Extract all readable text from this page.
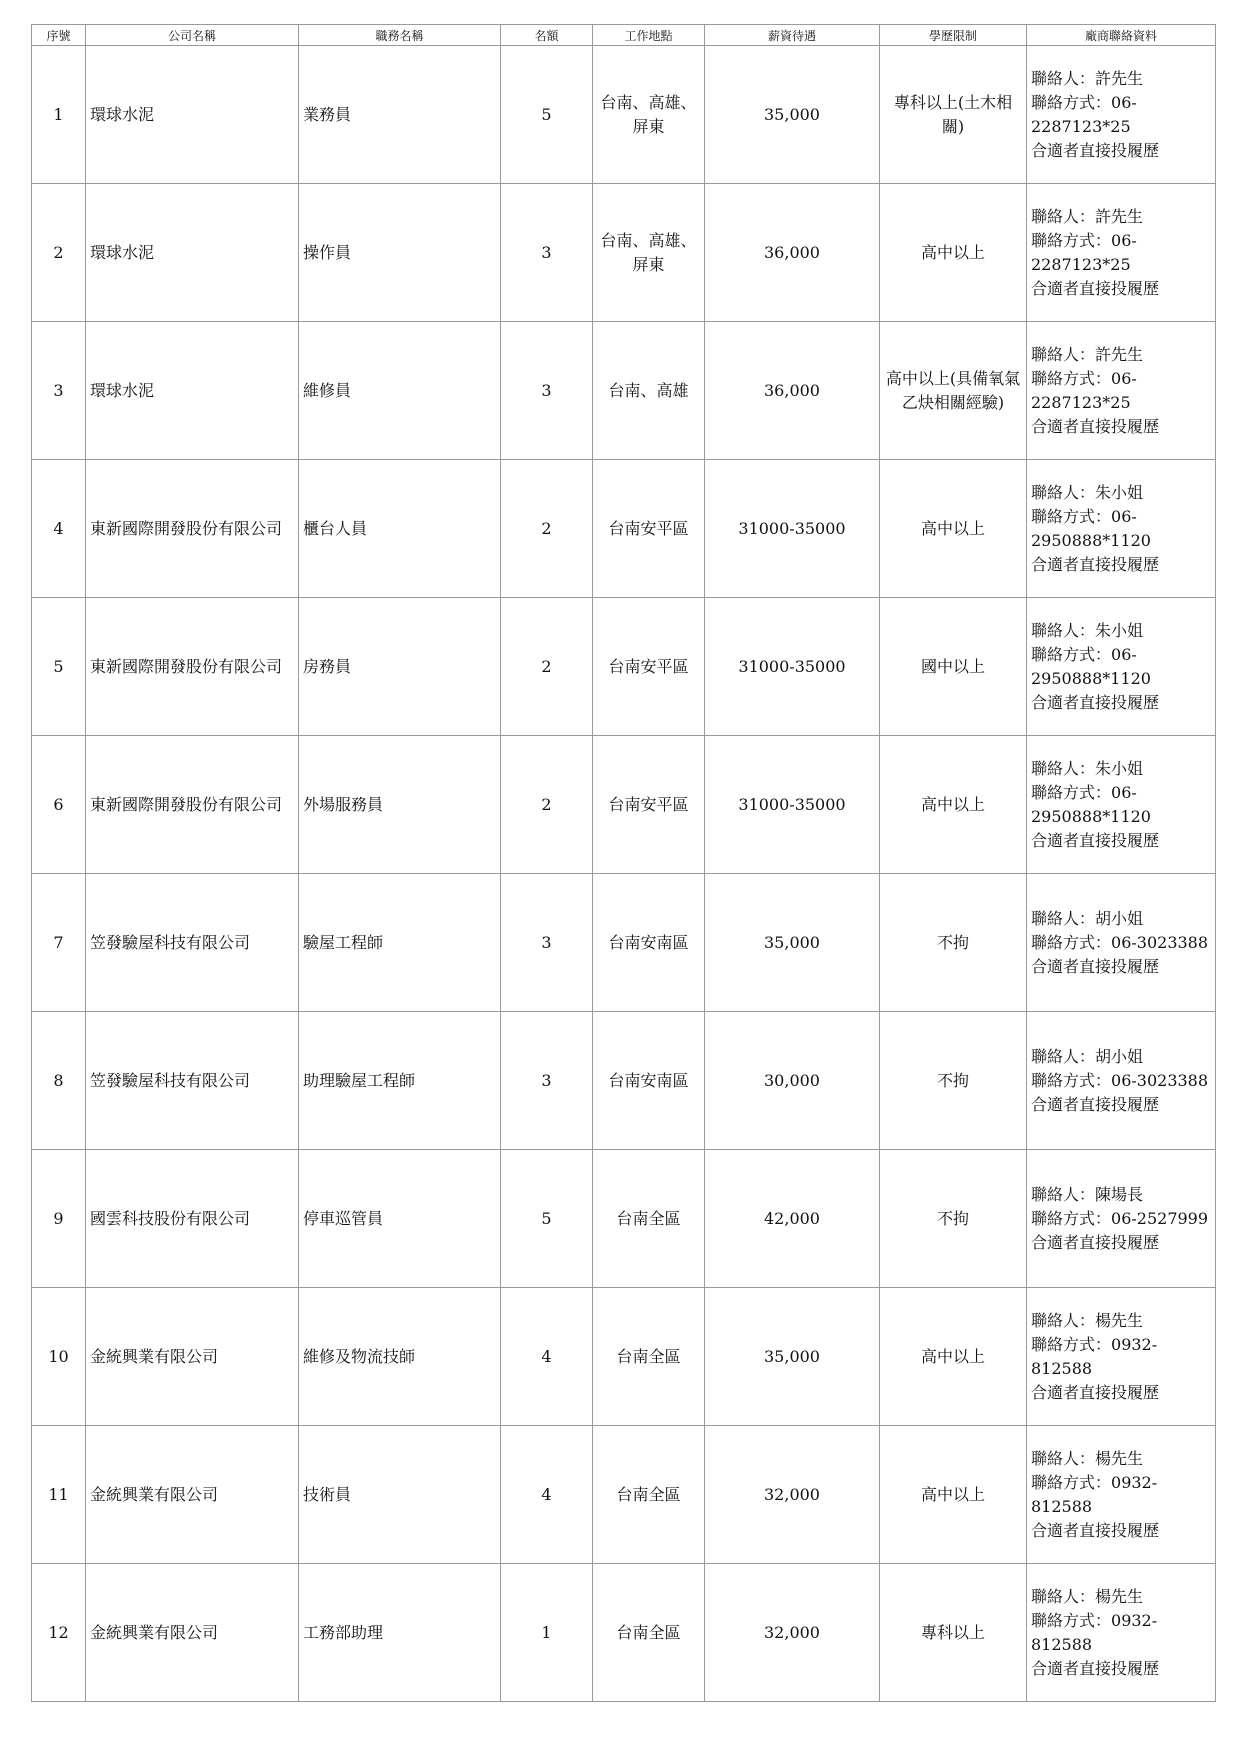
序號	公司名稱	職務名稱	名額	工作地點	薪資待遇	學歷限制	廠商聯絡資料
1	環球水泥	業務員	5	台南、高雄、屏東	35,000	專科以上(土木相關)	聯絡人：許先生
聯絡方式：06-2287123*25
合適者直接投履歷

2	環球水泥	操作員	3	台南、高雄、屏東	36,000	高中以上	聯絡人：許先生
聯絡方式：06-2287123*25
合適者直接投履歷

3	環球水泥	維修員	3	台南、高雄	36,000	高中以上(具備氧氣乙炔相關經驗)	聯絡人：許先生
聯絡方式：06-2287123*25
合適者直接投履歷

4	東新國際開發股份有限公司	櫃台人員	2	台南安平區	31000-35000	高中以上	聯絡人：朱小姐
聯絡方式：06-2950888*1120
合適者直接投履歷

5	東新國際開發股份有限公司	房務員	2	台南安平區	31000-35000	國中以上	聯絡人：朱小姐
聯絡方式：06-2950888*1120
合適者直接投履歷

6	東新國際開發股份有限公司	外場服務員	2	台南安平區	31000-35000	高中以上	聯絡人：朱小姐
聯絡方式：06-2950888*1120
合適者直接投履歷

7	笠發驗屋科技有限公司	驗屋工程師	3	台南安南區	35,000	不拘	聯絡人：胡小姐
聯絡方式：06-3023388
合適者直接投履歷

8	笠發驗屋科技有限公司	助理驗屋工程師	3	台南安南區	30,000	不拘	聯絡人：胡小姐
聯絡方式：06-3023388
合適者直接投履歷

9	國雲科技股份有限公司	停車巡管員	5	台南全區	42,000	不拘	聯絡人：陳場長
聯絡方式：06-2527999
合適者直接投履歷

10	金統興業有限公司	維修及物流技師	4	台南全區	35,000	高中以上	聯絡人：楊先生
聯絡方式：0932-812588
合適者直接投履歷

11	金統興業有限公司	技術員	4	台南全區	32,000	高中以上	聯絡人：楊先生
聯絡方式：0932-812588
合適者直接投履歷

12	金統興業有限公司	工務部助理	1	台南全區	32,000	專科以上	聯絡人：楊先生
聯絡方式：0932-812588
合適者直接投履歷
